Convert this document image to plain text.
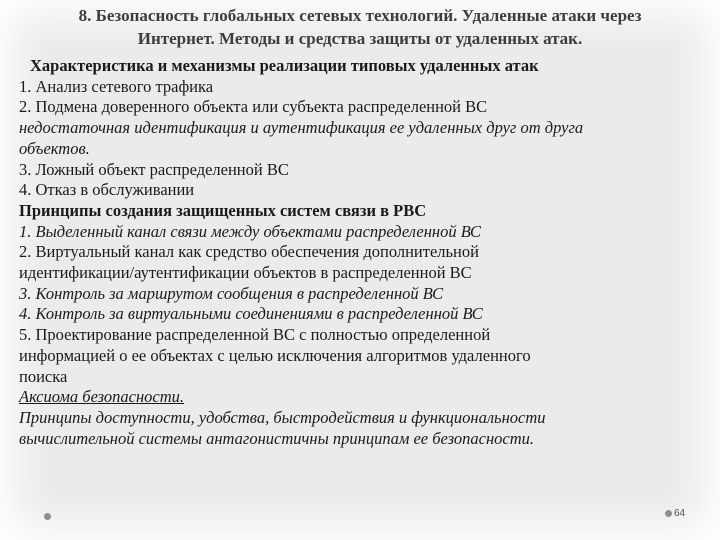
8. Безопасность глобальных сетевых технологий. Удаленные атаки через
Интернет. Методы и средства защиты от удаленных атак.
Характеристика и механизмы реализации типовых удаленных атак
1. Анализ сетевого трафика
2. Подмена доверенного объекта или субъекта распределенной ВС
недостаточная идентификация и аутентификация ее удаленных друг от друга
объектов.
3. Ложный объект распределенной ВС
4. Отказ в обслуживании
Принципы создания защищенных систем связи в РВС
1. Выделенный канал связи между объектами распределенной ВС
2. Виртуальный канал как средство обеспечения дополнительной
идентификации/аутентификации объектов в распределенной ВС
3. Контроль за маршрутом сообщения в распределенной ВС
4. Контроль за виртуальными соединениями в распределенной ВС
5. Проектирование распределенной ВС с полностью определенной
информацией о ее объектах с целью исключения алгоритмов удаленного
поиска
Аксиома безопасности.
Принципы доступности, удобства, быстродействия и функциональности
вычислительной системы антагонистичны принципам ее безопасности.
64
